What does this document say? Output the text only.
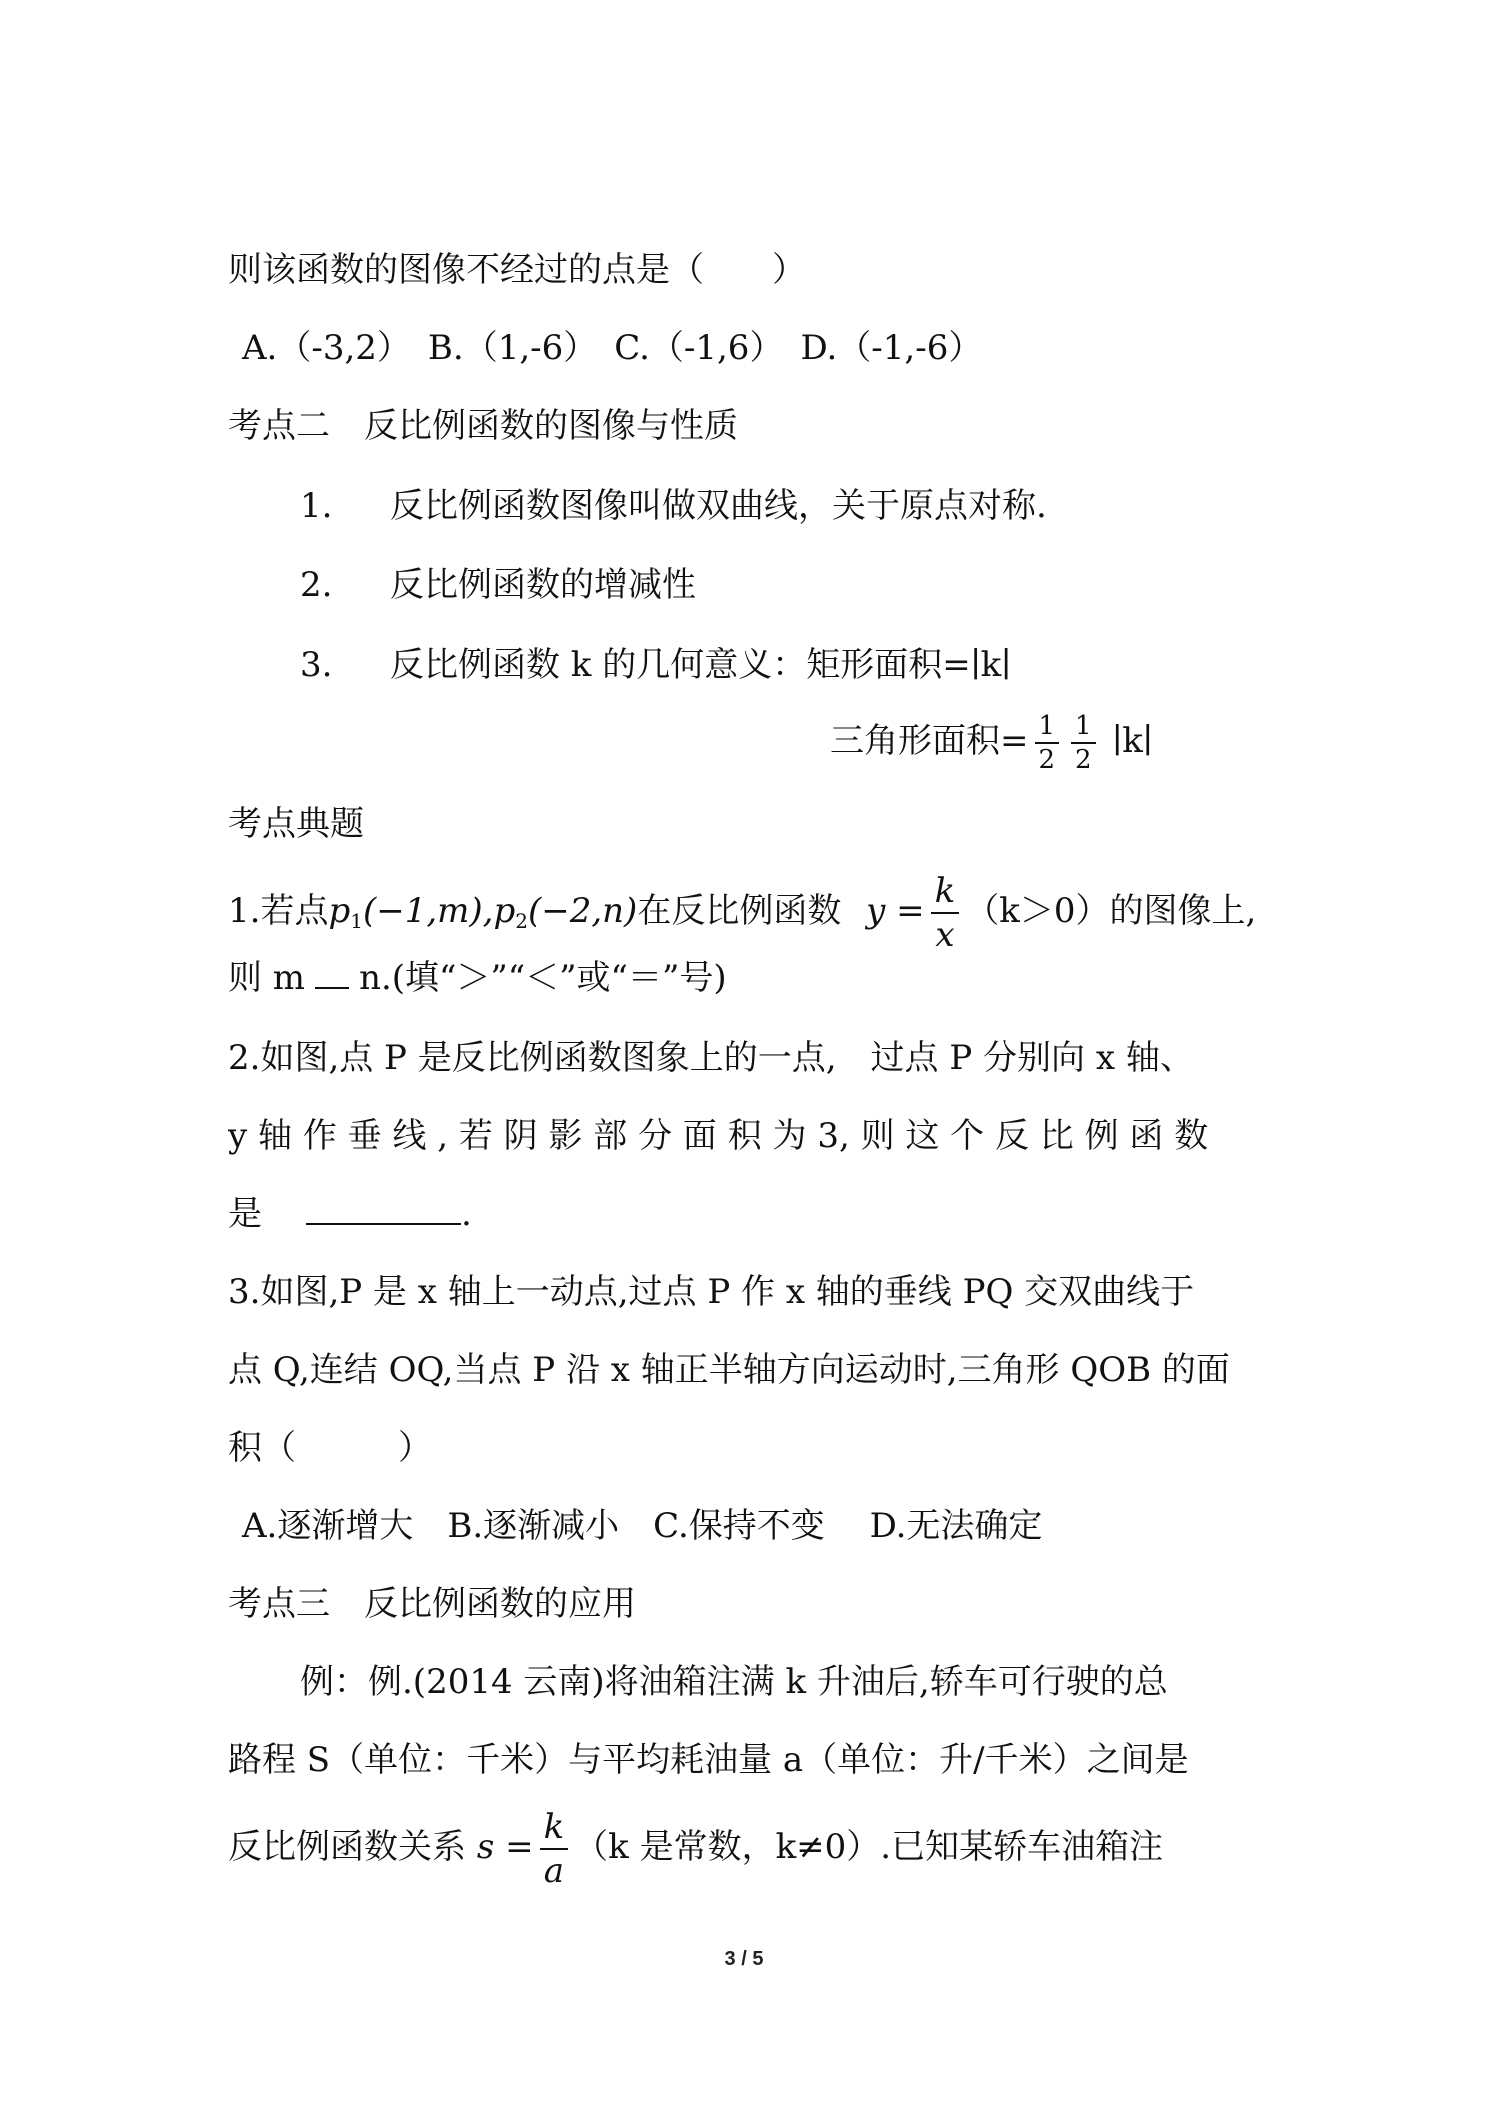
则该函数的图像不经过的点是（　　）
A.（-3,2）　B.（1,-6）　C.（-1,6）　D.（-1,-6）
考点二　反比例函数的图像与性质
1. 反比例函数图像叫做双曲线，关于原点对称.
2. 反比例函数的增减性
3. 反比例函数 k 的几何意义：矩形面积=∣k∣
三角形面积= $\frac{1}{2} \frac{1}{2}$ ∣k∣
考点典题
1.若点$p_1(-1,m),p_2(-2,n)$在反比例函数 $y = \frac{k}{x} (k>0)$的图像上,
则 m n.(填“＞”“＜”或“＝”号)
2.如图,点 P 是反比例函数图象上的一点,　过点 P 分别向 x 轴、
y 轴 作 垂 线 , 若 阴 影 部 分 面 积 为 3, 则 这 个 反 比 例 函 数
是	.
3.如图,P 是 x 轴上一动点,过点 P 作 x 轴的垂线 PQ 交双曲线于
点 Q,连结 OQ,当点 P 沿 x 轴正半轴方向运动时,三角形 QOB 的面
积（　　　）
A.逐渐增大　B.逐渐减小　C.保持不变　 D.无法确定
考点三　反比例函数的应用
例：例.(2014 云南)将油箱注满 k 升油后,轿车可行驶的总
路程 S（单位：千米）与平均耗油量 a（单位：升/千米）之间是
反比例函数关系 $s = \frac{k}{a} (k$ 是常数，k≠0）.已知某轿车油箱注
3 / 5
